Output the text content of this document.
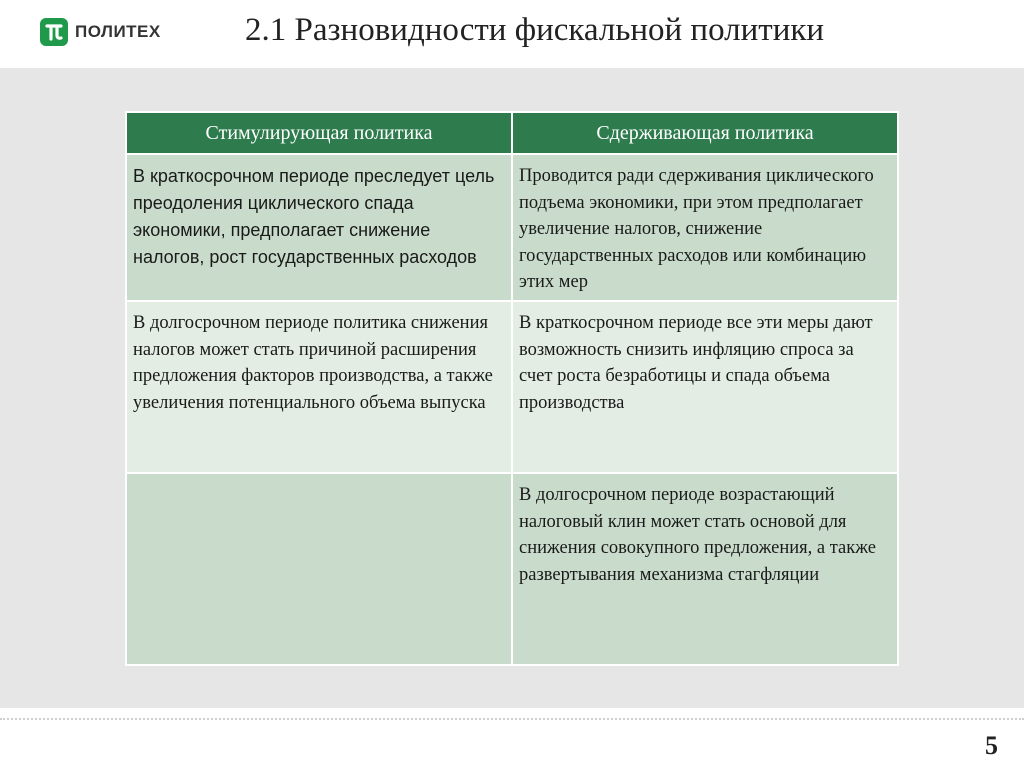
ПОЛИТЕХ	2.1 Разновидности фискальной политики
Стимулирующая политика	Сдерживающая политика
В краткосрочном периоде преследует цель преодоления циклического спада экономики, предполагает снижение налогов, рост государственных расходов	Проводится ради сдерживания циклического подъема экономики, при этом предполагает увеличение налогов, снижение государственных расходов или комбинацию этих мер
В долгосрочном периоде политика снижения налогов может стать причиной расширения предложения факторов производства, а также увеличения потенциального объема выпуска	В краткосрочном периоде все эти меры дают возможность снизить инфляцию спроса за счет роста безработицы и спада объема производства
	В долгосрочном периоде возрастающий налоговый клин может стать основой для снижения совокупного предложения, а также развертывания механизма стагфляции
5
